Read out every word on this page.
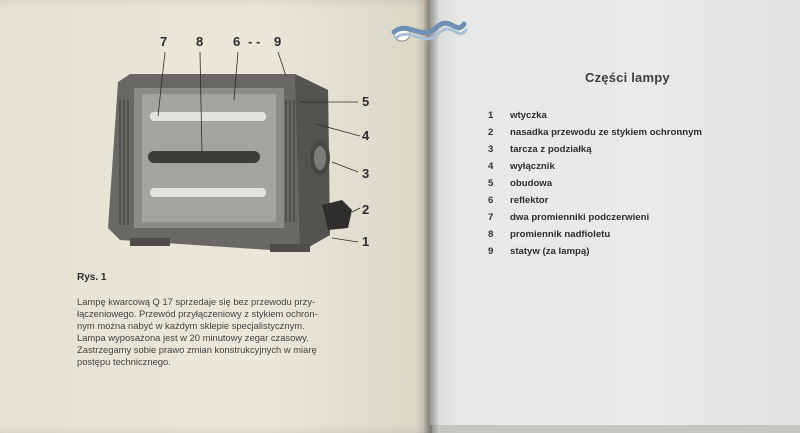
7 8 6 - - 9
5
4
3
2
1
Rys. 1
Lampę kwarcową Q 17 sprzedaje się bez przewodu przy-
łączeniowego. Przewód przyłączeniowy z stykiem ochron-
nym można nabyć w każdym sklepie specjalistycznym.
Lampa wyposażona jest w 20 minutowy zegar czasowy.
Zastrzegamy sobie prawo zmian konstrukcyjnych w miarę
postępu technicznego.
Części lampy
1	wtyczka
2	nasadka przewodu ze stykiem ochronnym
3	tarcza z podziałką
4	wyłącznik
5	obudowa
6	reflektor
7	dwa promienniki podczerwieni
8	promiennik nadfioletu
9	statyw (za lampą)
